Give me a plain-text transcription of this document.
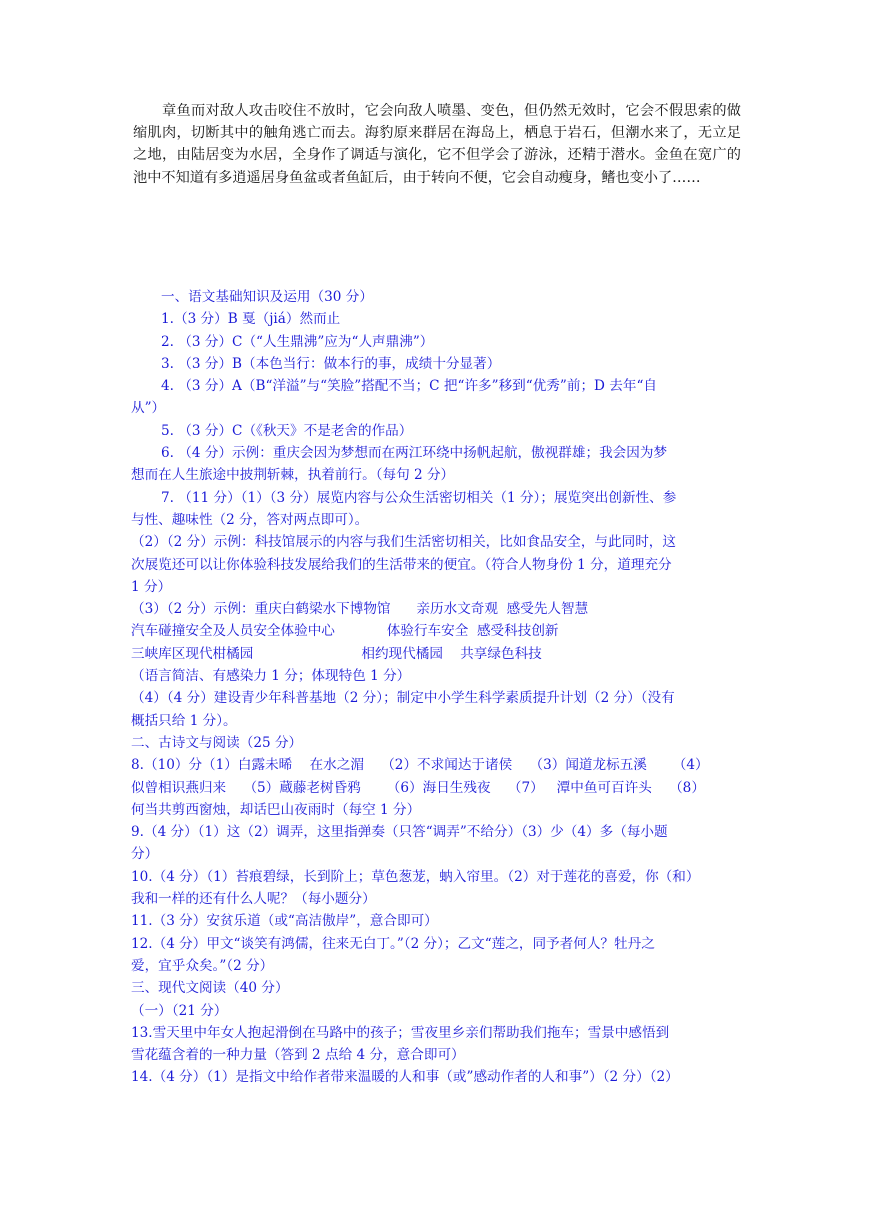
章鱼而对敌人攻击咬住不放时，它会向敌人喷墨、变色，但仍然无效时，它会不假思索的做缩肌肉，切断其中的触角逃亡而去。海豹原来群居在海岛上，栖息于岩石，但潮水来了，无立足之地，由陆居变为水居，全身作了调适与演化，它不但学会了游泳，还精于潜水。金鱼在宽广的池中不知道有多逍遥居身鱼盆或者鱼缸后，由于转向不便，它会自动瘦身，鳍也变小了……

一、语文基础知识及运用（30 分）
1.（3 分）B 戛（jiá）然而止
2. （3 分）C（“人生鼎沸”应为“人声鼎沸”）
3. （3 分）B（本色当行：做本行的事，成绩十分显著）
4. （3 分）A（B“洋溢”与“笑脸”搭配不当；C 把“许多”移到“优秀”前；D 去年“自
从”）
5. （3 分）C（《秋天》不是老舍的作品）
6. （4 分）示例：重庆会因为梦想而在两江环绕中扬帆起航，傲视群雄；我会因为梦
想而在人生旅途中披荆斩棘，执着前行。（每句 2 分）
7. （11 分）（1）（3 分）展览内容与公众生活密切相关（1 分）；展览突出创新性、参
与性、趣味性（2 分，答对两点即可）。
（2）（2 分）示例：科技馆展示的内容与我们生活密切相关，比如食品安全，与此同时，这
次展览还可以让你体验科技发展给我们的生活带来的便宜。（符合人物身份 1 分，道理充分
1 分）
（3）（2 分）示例：重庆白鹤梁水下博物馆      亲历水文奇观  感受先人智慧
汽车碰撞安全及人员安全体验中心            体验行车安全  感受科技创新
三峡库区现代柑橘园                         相约现代橘园    共享绿色科技
（语言简洁、有感染力 1 分；体现特色 1 分）
（4）（4 分）建设青少年科普基地（2 分）；制定中小学生科学素质提升计划（2 分）（没有
概括只给 1 分）。
二、古诗文与阅读（25 分）
8.（10）分（1）白露未晞    在水之湄    （2）不求闻达于诸侯    （3）闻道龙标五溪      （4）
似曾相识燕归来    （5）蔵藤老树昏鸦      （6）海日生残夜    （7）   潭中鱼可百许头    （8）
何当共剪西窗烛，却话巴山夜雨时（每空 1 分）
9.（4 分）（1）这（2）调弄，这里指弹奏（只答“调弄”不给分）（3）少（4）多（每小题
分）
10.（4 分）（1）苔痕碧绿，长到阶上；草色葱茏，蚋入帘里。（2）对于莲花的喜爱，你（和）
我和一样的还有什么人呢？（每小题分）
11.（3 分）安贫乐道（或“高洁傲岸”，意合即可）
12.（4 分）甲文“谈笑有鸿儒，往来无白丁。”（2 分）；乙文“莲之，同予者何人？牡丹之
爱，宜乎众矣。”（2 分）
三、现代文阅读（40 分）
（一）（21 分）
13.雪天里中年女人抱起滑倒在马路中的孩子；雪夜里乡亲们帮助我们拖车；雪景中感悟到
雪花蕴含着的一种力量（答到 2 点给 4 分，意合即可）
14.（4 分）（1）是指文中给作者带来温暖的人和事（或”感动作者的人和事”）（2 分）（2）
